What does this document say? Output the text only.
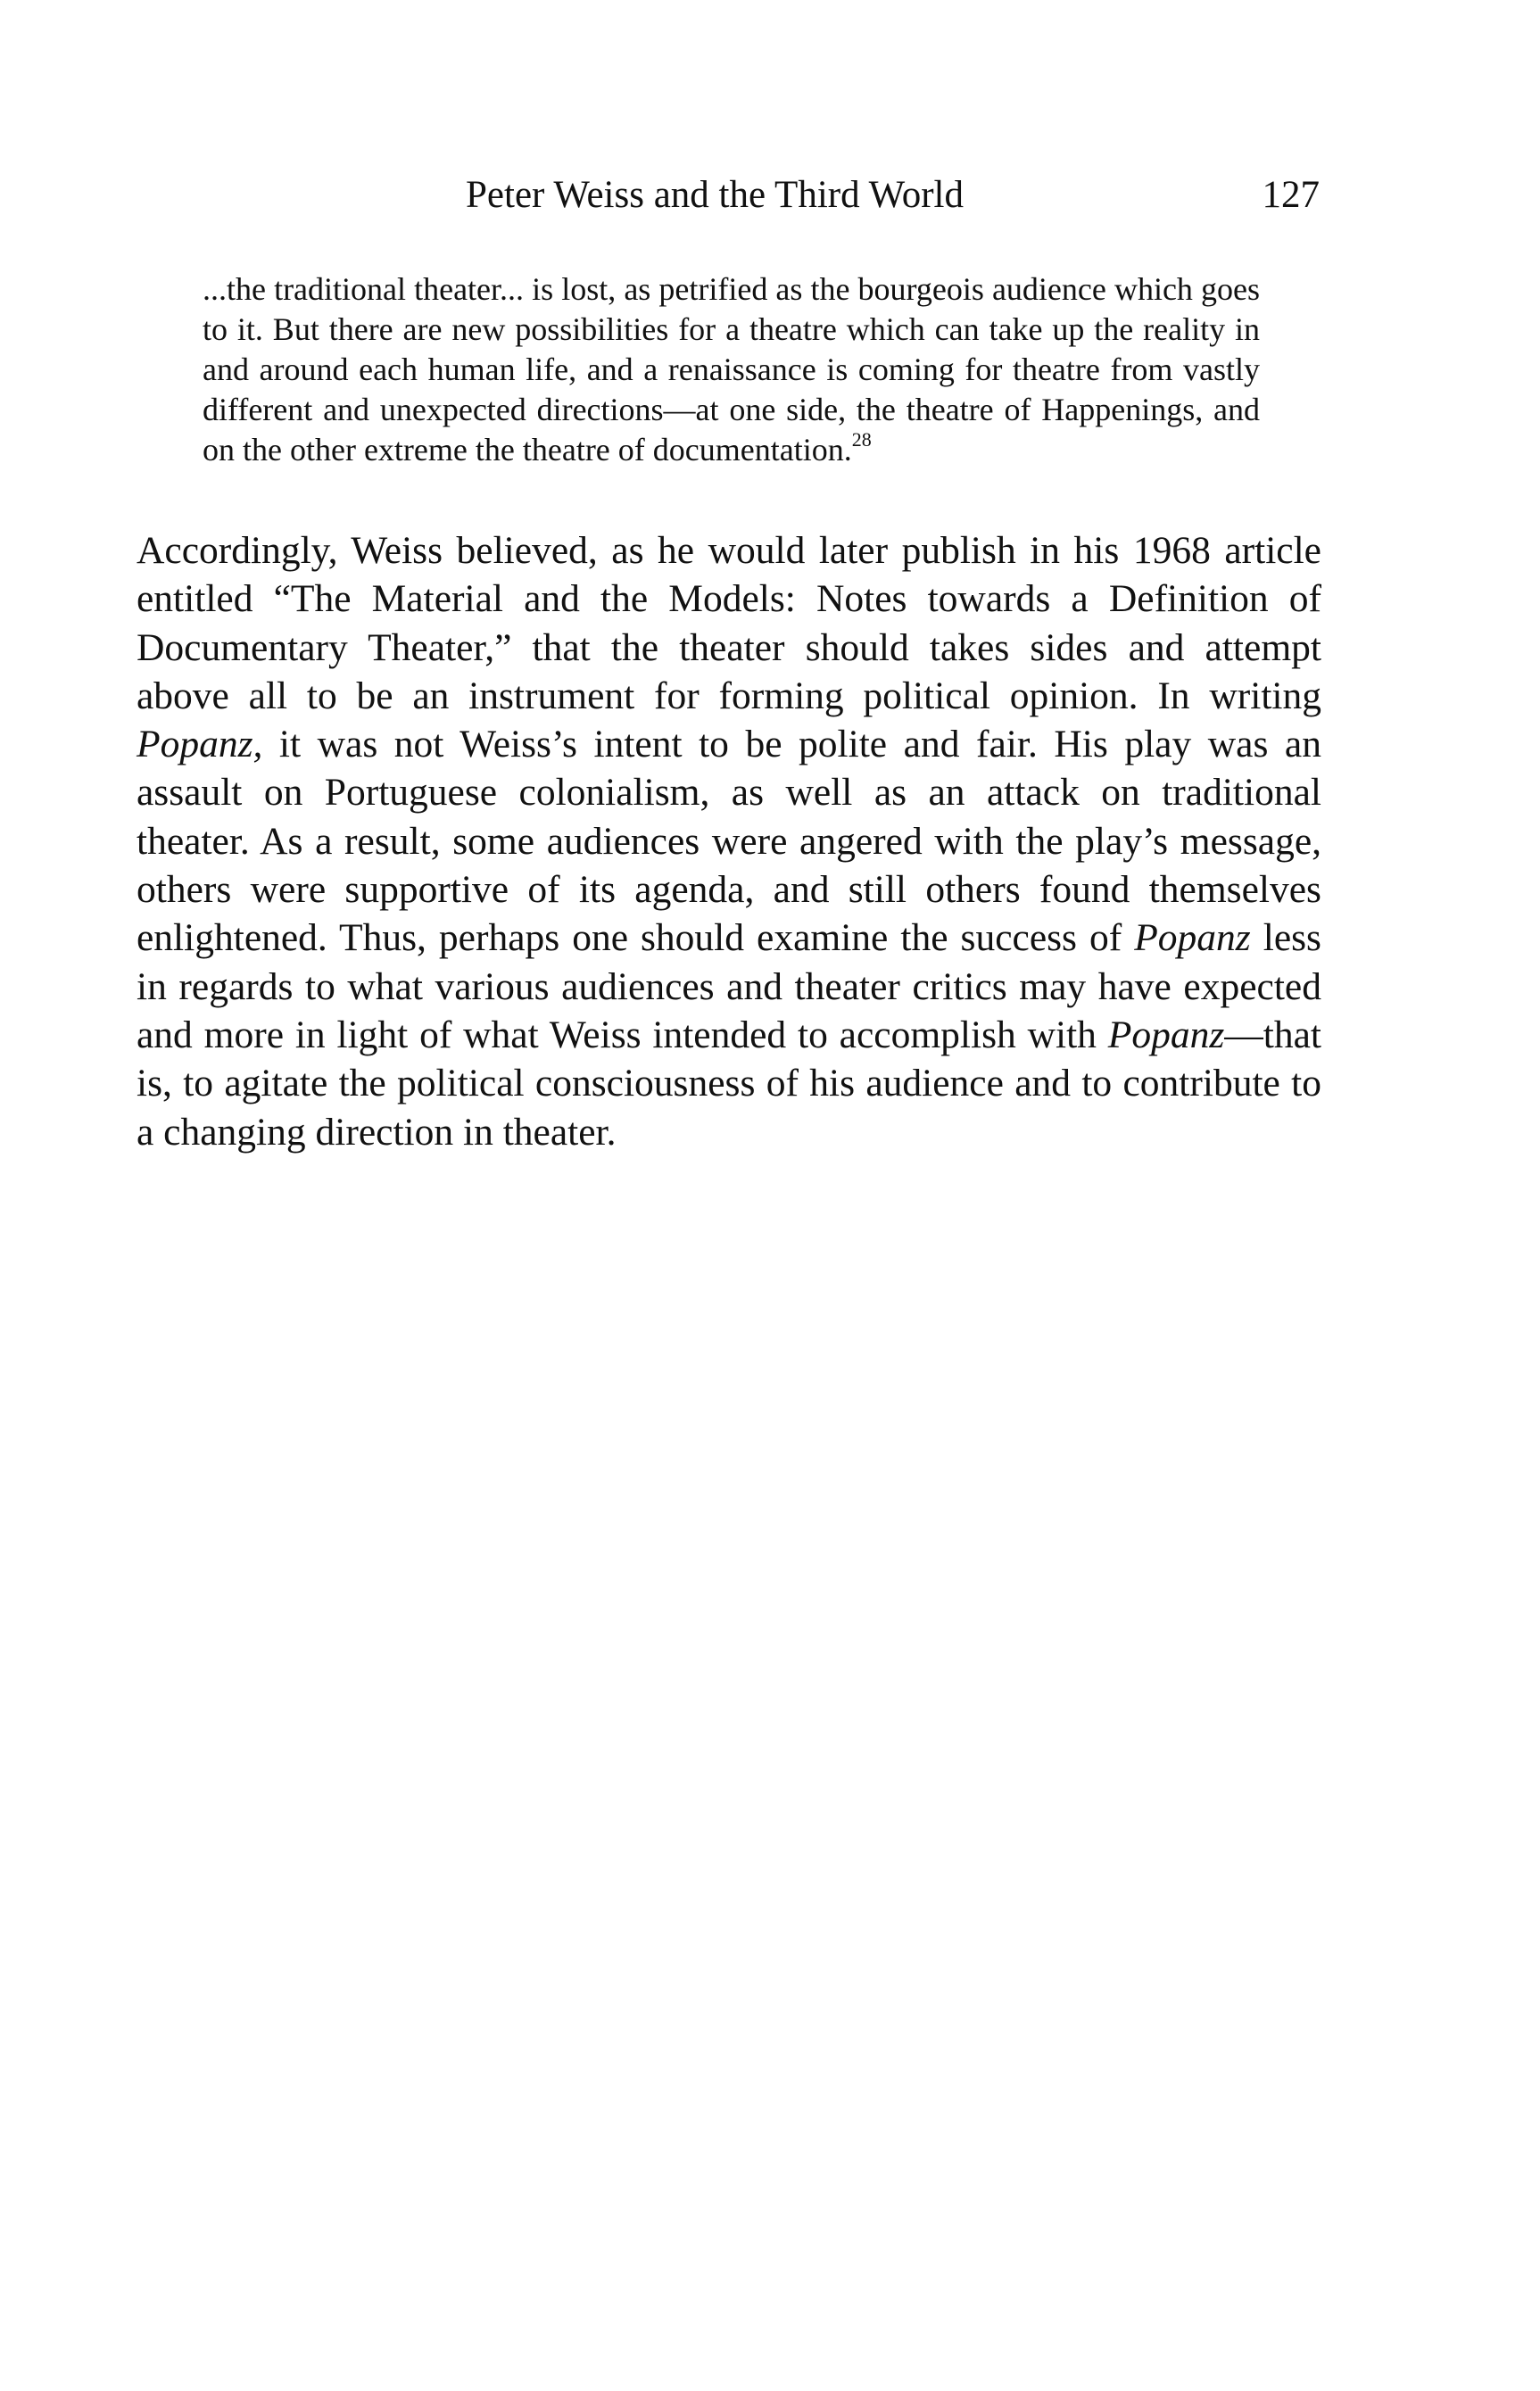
Peter Weiss and the Third World	127

...the traditional theater... is lost, as petrified as the bourgeois audience which goes to it. But there are new possibilities for a theatre which can take up the reality in and around each human life, and a renaissance is coming for theatre from vastly different and unexpected directions—at one side, the theatre of Happenings, and on the other extreme the theatre of documentation.$^{28}$

Accordingly, Weiss believed, as he would later publish in his 1968 article entitled “The Material and the Models: Notes towards a Definition of Documentary Theater,” that the theater should takes sides and attempt above all to be an instrument for forming political opinion. In writing Popanz, it was not Weiss’s intent to be polite and fair. His play was an assault on Portuguese colonialism, as well as an attack on traditional theater. As a result, some audiences were angered with the play’s message, others were supportive of its agenda, and still others found themselves enlightened. Thus, perhaps one should examine the success of Popanz less in regards to what various audiences and theater critics may have expected and more in light of what Weiss intended to accomplish with Popanz—that is, to agitate the political consciousness of his audience and to contribute to a changing direction in theater.
